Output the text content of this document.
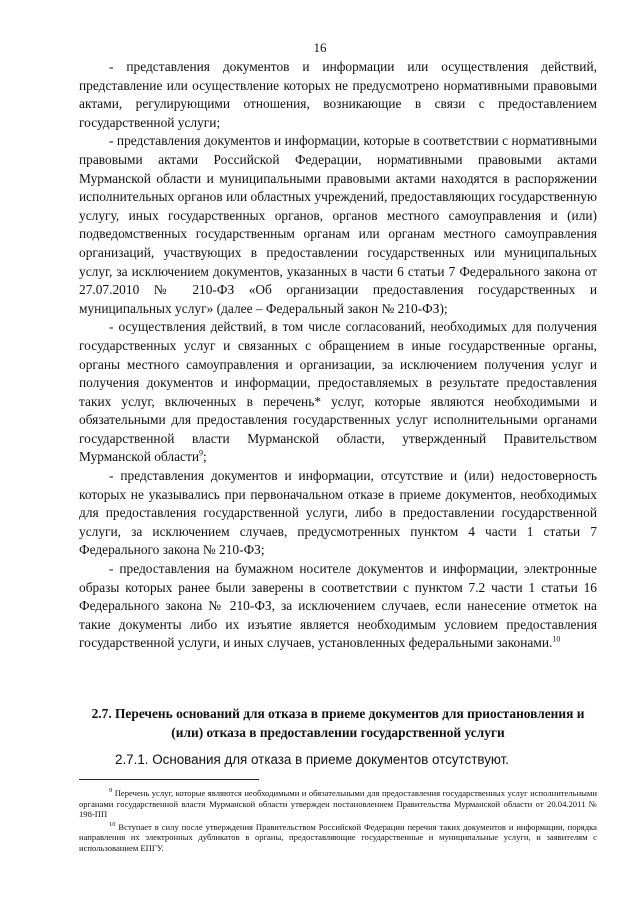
16

- представления документов и информации или осуществления действий, представление или осуществление которых не предусмотрено нормативными правовыми актами, регулирующими отношения, возникающие в связи с предоставлением государственной услуги;

- представления документов и информации, которые в соответствии с нормативными правовыми актами Российской Федерации, нормативными правовыми актами Мурманской области и муниципальными правовыми актами находятся в распоряжении исполнительных органов или областных учреждений, предоставляющих государственную услугу, иных государственных органов, органов местного самоуправления и (или) подведомственных государственным органам или органам местного самоуправления организаций, участвующих в предоставлении государственных или муниципальных услуг, за исключением документов, указанных в части 6 статьи 7 Федерального закона от 27.07.2010 № 210-ФЗ «Об организации предоставления государственных и муниципальных услуг» (далее – Федеральный закон № 210-ФЗ);

- осуществления действий, в том числе согласований, необходимых для получения государственных услуг и связанных с обращением в иные государственные органы, органы местного самоуправления и организации, за исключением получения услуг и получения документов и информации, предоставляемых в результате предоставления таких услуг, включенных в перечень* услуг, которые являются необходимыми и обязательными для предоставления государственных услуг исполнительными органами государственной власти Мурманской области, утвержденный Правительством Мурманской области$^9$;

- представления документов и информации, отсутствие и (или) недостоверность которых не указывались при первоначальном отказе в приеме документов, необходимых для предоставления государственной услуги, либо в предоставлении государственной услуги, за исключением случаев, предусмотренных пунктом 4 части 1 статьи 7 Федерального закона № 210-ФЗ;

- предоставления на бумажном носителе документов и информации, электронные образы которых ранее были заверены в соответствии с пунктом 7.2 части 1 статьи 16 Федерального закона № 210-ФЗ, за исключением случаев, если нанесение отметок на такие документы либо их изъятие является необходимым условием предоставления государственной услуги, и иных случаев, установленных федеральными законами.$^{10}$

2.7. Перечень оснований для отказа в приеме документов для приостановления и (или) отказа в предоставлении государственной услуги
2.7.1. Основания для отказа в приеме документов отсутствуют.

$^9$ Перечень услуг, которые являются необходимыми и обязательными для предоставления государственных услуг исполнительными органами государственной власти Мурманской области утвержден постановлением Правительства Мурманской области от 20.04.2011 № 198-ПП

$^{10}$ Вступает в силу после утверждения Правительством Российской Федерации перечня таких документов и информации, порядка направления их электронных дубликатов в органы, предоставляющие государственные и муниципальные услуги, и заявителям с использованием ЕПГУ.
